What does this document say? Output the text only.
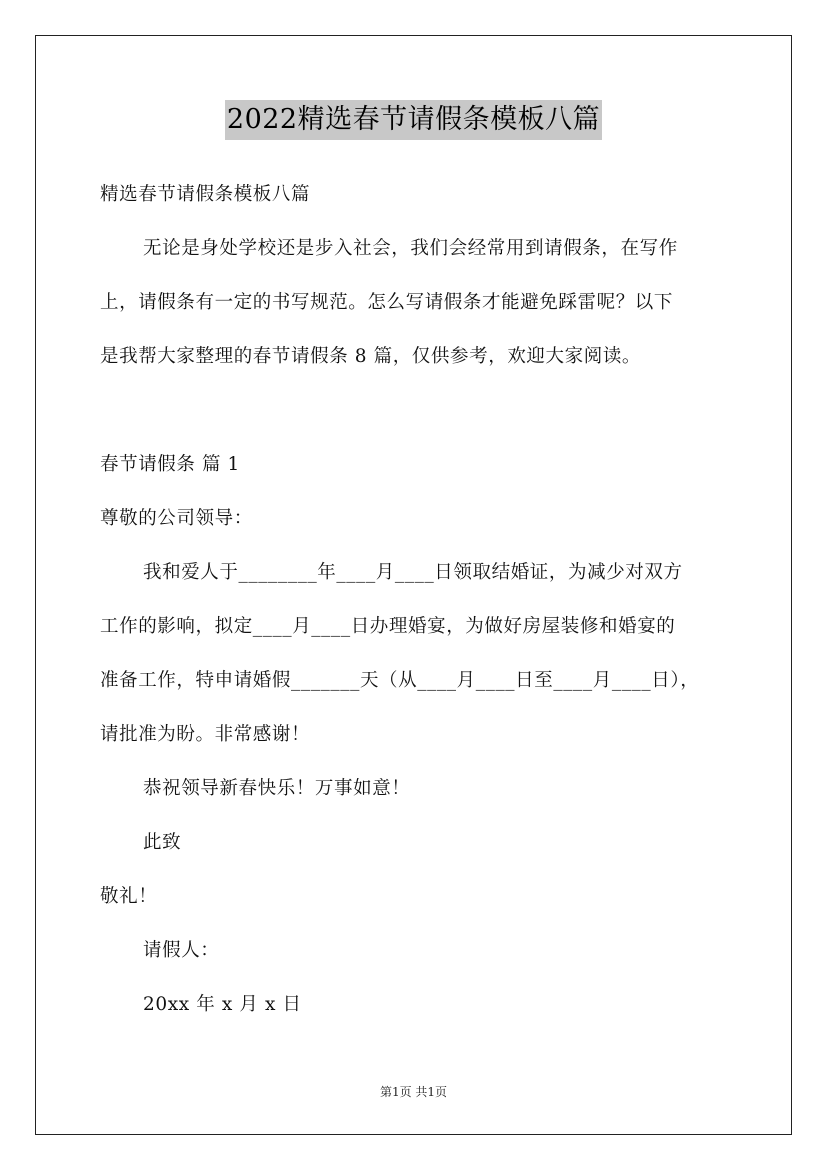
2022精选春节请假条模板八篇
精选春节请假条模板八篇
无论是身处学校还是步入社会，我们会经常用到请假条，在写作
上，请假条有一定的书写规范。怎么写请假条才能避免踩雷呢？以下
是我帮大家整理的春节请假条 8 篇，仅供参考，欢迎大家阅读。
春节请假条 篇 1
尊敬的公司领导：
我和爱人于________年____月____日领取结婚证，为减少对双方
工作的影响，拟定____月____日办理婚宴，为做好房屋装修和婚宴的
准备工作，特申请婚假_______天（从____月____日至____月____日），
请批准为盼。非常感谢！
恭祝领导新春快乐！万事如意！
此致
敬礼！
请假人：
20xx 年 x 月 x 日
第1页 共1页
